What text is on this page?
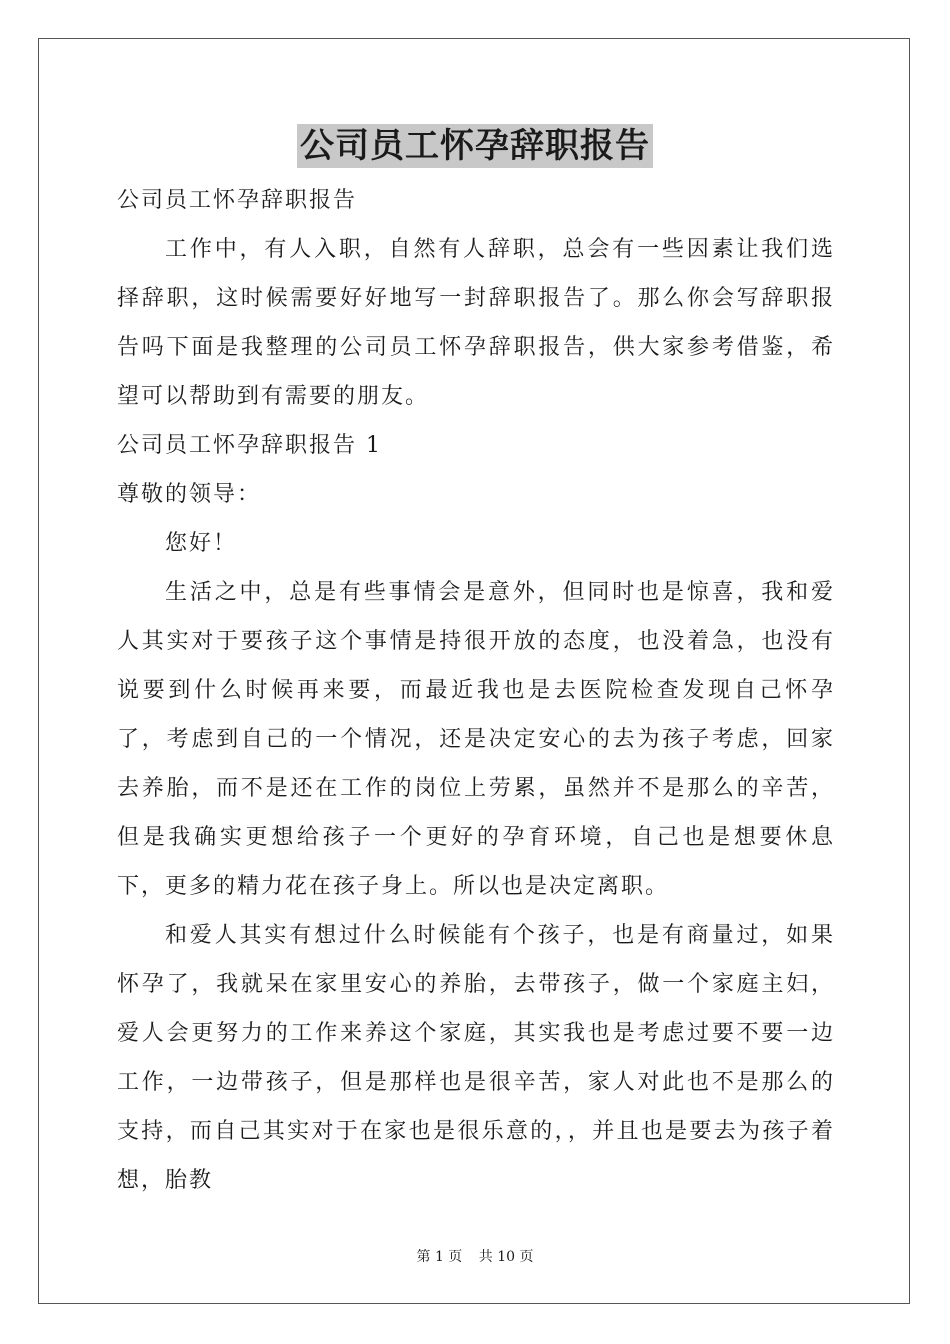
公司员工怀孕辞职报告

公司员工怀孕辞职报告

工作中，有人入职，自然有人辞职，总会有一些因素让我们选择辞职，这时候需要好好地写一封辞职报告了。那么你会写辞职报告吗下面是我整理的公司员工怀孕辞职报告，供大家参考借鉴，希望可以帮助到有需要的朋友。

公司员工怀孕辞职报告 1

尊敬的领导：

您好！

生活之中，总是有些事情会是意外，但同时也是惊喜，我和爱人其实对于要孩子这个事情是持很开放的态度，也没着急，也没有说要到什么时候再来要，而最近我也是去医院检查发现自己怀孕了，考虑到自己的一个情况，还是决定安心的去为孩子考虑，回家去养胎，而不是还在工作的岗位上劳累，虽然并不是那么的辛苦，但是我确实更想给孩子一个更好的孕育环境，自己也是想要休息下，更多的精力花在孩子身上。所以也是决定离职。

和爱人其实有想过什么时候能有个孩子，也是有商量过，如果怀孕了，我就呆在家里安心的养胎，去带孩子，做一个家庭主妇，爱人会更努力的工作来养这个家庭，其实我也是考虑过要不要一边工作，一边带孩子，但是那样也是很辛苦，家人对此也不是那么的支持，而自己其实对于在家也是很乐意的，，并且也是要去为孩子着想，胎教

第 1 页 共 10 页
